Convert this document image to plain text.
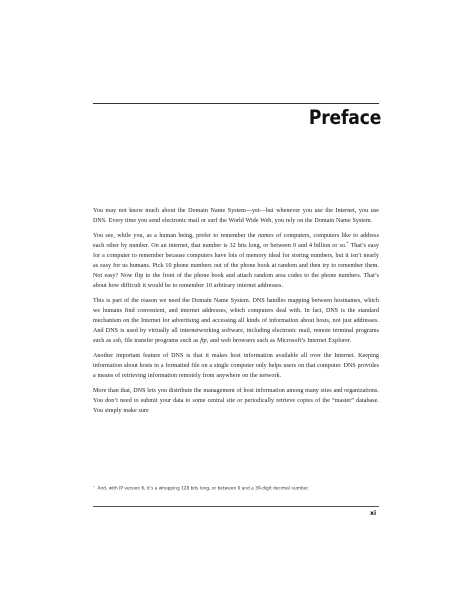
Preface

You may not know much about the Domain Name System—yet—but whenever you use the Internet, you use DNS. Every time you send electronic mail or surf the World Wide Web, you rely on the Domain Name System.

You see, while you, as a human being, prefer to remember the names of computers, computers like to address each other by number. On an internet, that number is 32 bits long, or between 0 and 4 billion or so.* That’s easy for a computer to remember because computers have lots of memory ideal for storing numbers, but it isn’t nearly as easy for us humans. Pick 10 phone numbers out of the phone book at random and then try to remember them. Not easy? Now flip to the front of the phone book and attach random area codes to the phone numbers. That’s about how difficult it would be to remember 10 arbitrary internet addresses.

This is part of the reason we need the Domain Name System. DNS handles mapping between hostnames, which we humans find convenient, and internet addresses, which computers deal with. In fact, DNS is the standard mechanism on the Internet for advertising and accessing all kinds of information about hosts, not just addresses. And DNS is used by virtually all internetworking software, including electronic mail, remote terminal programs such as ssh, file transfer programs such as ftp, and web browsers such as Microsoft’s Internet Explorer.

Another important feature of DNS is that it makes host information available all over the Internet. Keeping information about hosts in a formatted file on a single computer only helps users on that computer. DNS provides a means of retrieving information remotely from anywhere on the network.

More than that, DNS lets you distribute the management of host information among many sites and organizations. You don’t need to submit your data to some central site or periodically retrieve copies of the “master” database. You simply make sure

* And, with IP version 6, it’s a whopping 128 bits long, or between 0 and a 39-digit decimal number.
xi
